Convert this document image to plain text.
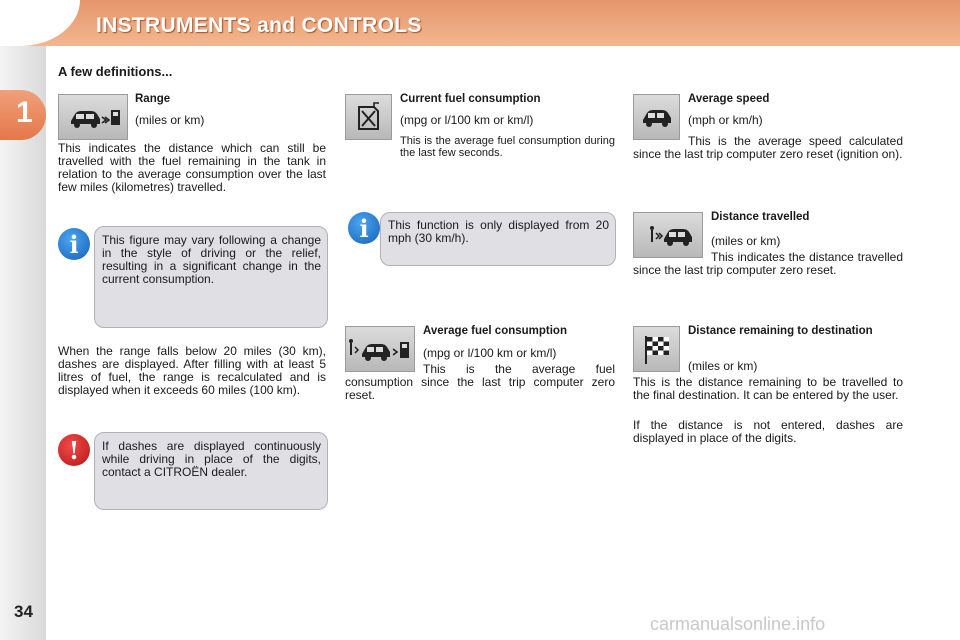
INSTRUMENTS and CONTROLS
1
34
A few definitions...
Range
(miles or km)
This indicates the distance which can still be travelled with the fuel remaining in the tank in relation to the average consumption over the last few miles (kilometres) travelled.
i	This figure may vary following a change in the style of driving or the relief, resulting in a significant change in the current consumption.
When the range falls below 20 miles (30 km), dashes are displayed. After filling with at least 5 litres of fuel, the range is recalculated and is displayed when it exceeds 60 miles (100 km).
!	If dashes are displayed continuously while driving in place of the digits, contact a CITROËN dealer.
Current fuel consumption
(mpg or l/100 km or km/l)
This is the average fuel consumption during the last few seconds.
i	This function is only displayed from 20 mph (30 km/h).
Average fuel consumption
(mpg or l/100 km or km/l)
This is the average fuel consumption since the last trip computer zero reset.
Average speed
(mph or km/h)
This is the average speed calculated since the last trip computer zero reset (ignition on).
Distance travelled
(miles or km)
This indicates the distance travelled since the last trip computer zero reset.
Distance remaining to destination
(miles or km)
This is the distance remaining to be travelled to the final destination. It can be entered by the user.
If the distance is not entered, dashes are displayed in place of the digits.
carmanualsonline.info
